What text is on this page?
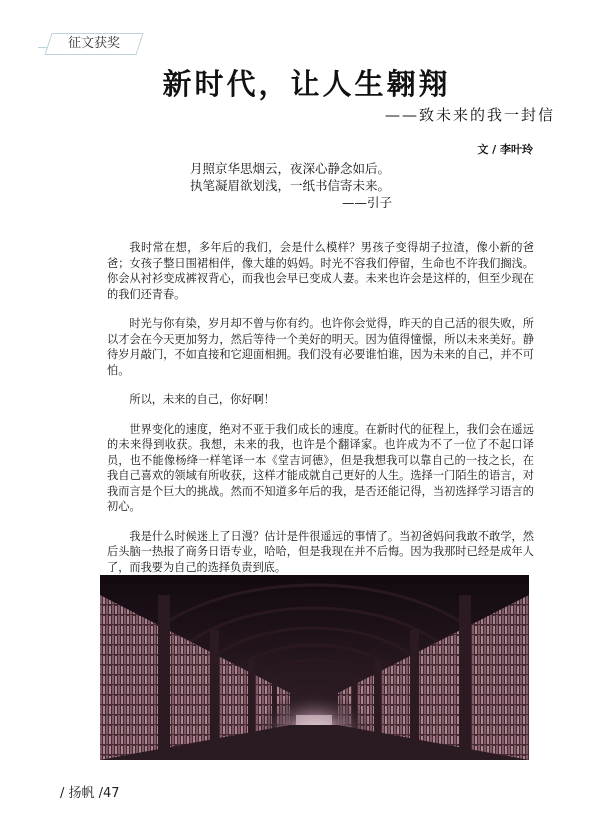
征文获奖
新时代，让人生翱翔
——致未来的我一封信
文 / 李叶玲
月照京华思烟云，夜深心静念如后。
执笔凝眉欲划浅，一纸书信寄未来。
——引子

我时常在想，多年后的我们，会是什么模样？男孩子变得胡子拉渣，像小新的爸爸；女孩子整日围裙相伴，像大雄的妈妈。时光不容我们停留，生命也不许我们搁浅。你会从衬衫变成裤衩背心，而我也会早已变成人妻。未来也许会是这样的，但至少现在的我们还青春。

时光与你有染，岁月却不曾与你有约。也许你会觉得，昨天的自己活的很失败，所以才会在今天更加努力，然后等待一个美好的明天。因为值得憧憬，所以未来美好。静待岁月敲门，不如直接和它迎面相拥。我们没有必要谁怕谁，因为未来的自己，并不可怕。

所以，未来的自己，你好啊！

世界变化的速度，绝对不亚于我们成长的速度。在新时代的征程上，我们会在遥远的未来得到收获。我想，未来的我，也许是个翻译家。也许成为不了一位了不起口译员，也不能像杨绛一样笔译一本《堂吉诃德》，但是我想我可以靠自己的一技之长，在我自己喜欢的领域有所收获，这样才能成就自己更好的人生。选择一门陌生的语言，对我而言是个巨大的挑战。然而不知道多年后的我，是否还能记得，当初选择学习语言的初心。

我是什么时候迷上了日漫？估计是件很遥远的事情了。当初爸妈问我敢不敢学，然后头脑一热报了商务日语专业，哈哈，但是我现在并不后悔。因为我那时已经是成年人了，而我要为自己的选择负责到底。

/ 扬帆 /47
